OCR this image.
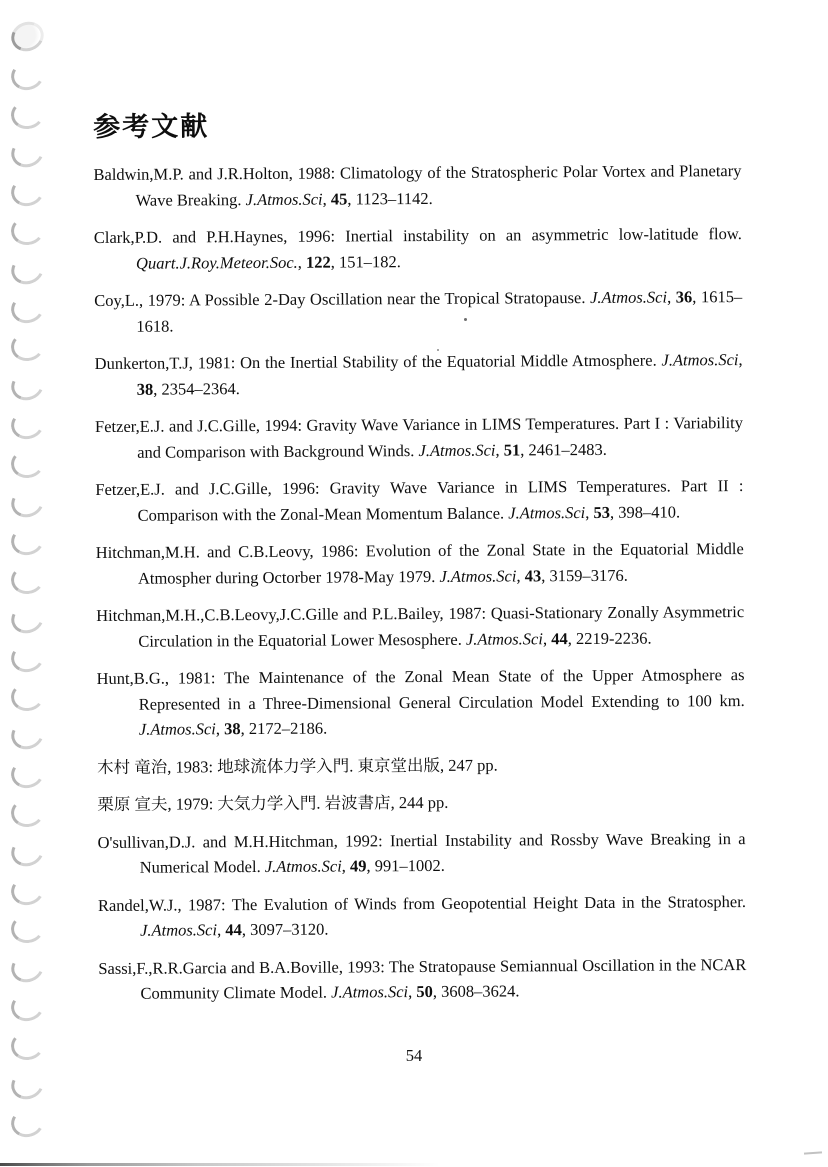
参考文献

Baldwin,M.P. and J.R.Holton, 1988: Climatology of the Stratospheric Polar Vortex and Planetary Wave Breaking. J.Atmos.Sci, 45, 1123–1142.

Clark,P.D. and P.H.Haynes, 1996: Inertial instability on an asymmetric low-latitude flow. Quart.J.Roy.Meteor.Soc., 122, 151–182.

Coy,L., 1979: A Possible 2-Day Oscillation near the Tropical Stratopause. J.Atmos.Sci, 36, 1615–1618.

Dunkerton,T.J, 1981: On the Inertial Stability of the Equatorial Middle Atmosphere. J.Atmos.Sci, 38, 2354–2364.

Fetzer,E.J. and J.C.Gille, 1994: Gravity Wave Variance in LIMS Temperatures. Part I : Variability and Comparison with Background Winds. J.Atmos.Sci, 51, 2461–2483.

Fetzer,E.J. and J.C.Gille, 1996: Gravity Wave Variance in LIMS Temperatures. Part II : Comparison with the Zonal-Mean Momentum Balance. J.Atmos.Sci, 53, 398–410.

Hitchman,M.H. and C.B.Leovy, 1986: Evolution of the Zonal State in the Equatorial Middle Atmospher during Octorber 1978-May 1979. J.Atmos.Sci, 43, 3159–3176.

Hitchman,M.H.,C.B.Leovy,J.C.Gille and P.L.Bailey, 1987: Quasi-Stationary Zonally Asymmetric Circulation in the Equatorial Lower Mesosphere. J.Atmos.Sci, 44, 2219-2236.

Hunt,B.G., 1981: The Maintenance of the Zonal Mean State of the Upper Atmosphere as Represented in a Three-Dimensional General Circulation Model Extending to 100 km. J.Atmos.Sci, 38, 2172–2186.

木村 竜治, 1983: 地球流体力学入門. 東京堂出版, 247 pp.

栗原 宣夫, 1979: 大気力学入門. 岩波書店, 244 pp.

O'sullivan,D.J. and M.H.Hitchman, 1992: Inertial Instability and Rossby Wave Breaking in a Numerical Model. J.Atmos.Sci, 49, 991–1002.

Randel,W.J., 1987: The Evalution of Winds from Geopotential Height Data in the Stratospher. J.Atmos.Sci, 44, 3097–3120.

Sassi,F.,R.R.Garcia and B.A.Boville, 1993: The Stratopause Semiannual Oscillation in the NCAR Community Climate Model. J.Atmos.Sci, 50, 3608–3624.

54
